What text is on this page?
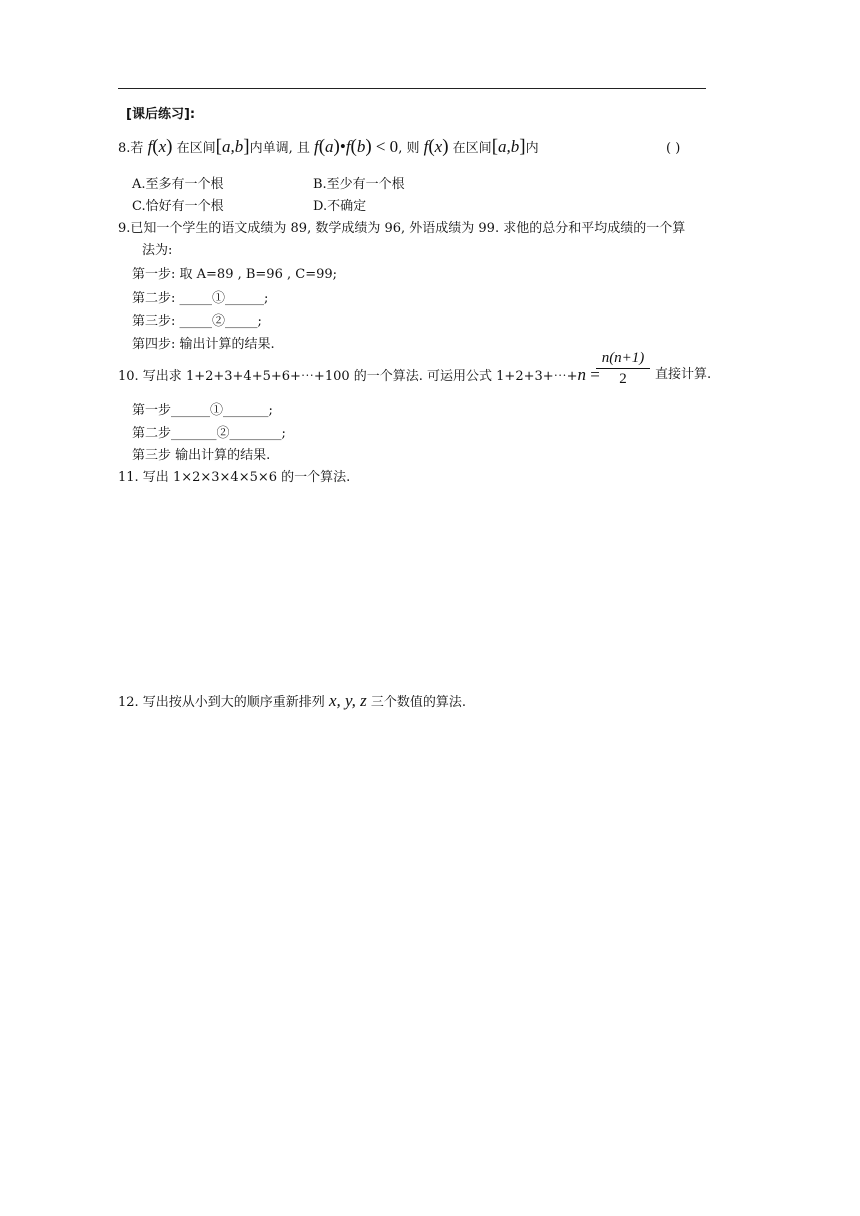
[课后练习]:
8.若 f(x) 在区间[a,b]内单调, 且 f(a)•f(b) < 0, 则 f(x) 在区间[a,b]内	( )
A.至多有一个根	B.至少有一个根
C.恰好有一个根	D.不确定
9.已知一个学生的语文成绩为 89, 数学成绩为 96, 外语成绩为 99. 求他的总分和平均成绩的一个算
法为:
第一步: 取 A=89 , B=96 , C=99;
第二步: _____①______;
第三步: _____②_____;
第四步: 输出计算的结果.
10. 写出求 1+2+3+4+5+6+⋯+100 的一个算法. 可运用公式 1+2+3+⋯+n =
n(n+1)
2	直接计算.
第一步______①_______;
第二步_______②________;
第三步 输出计算的结果.
11. 写出 1×2×3×4×5×6 的一个算法.
12. 写出按从小到大的顺序重新排列 x, y, z 三个数值的算法.
